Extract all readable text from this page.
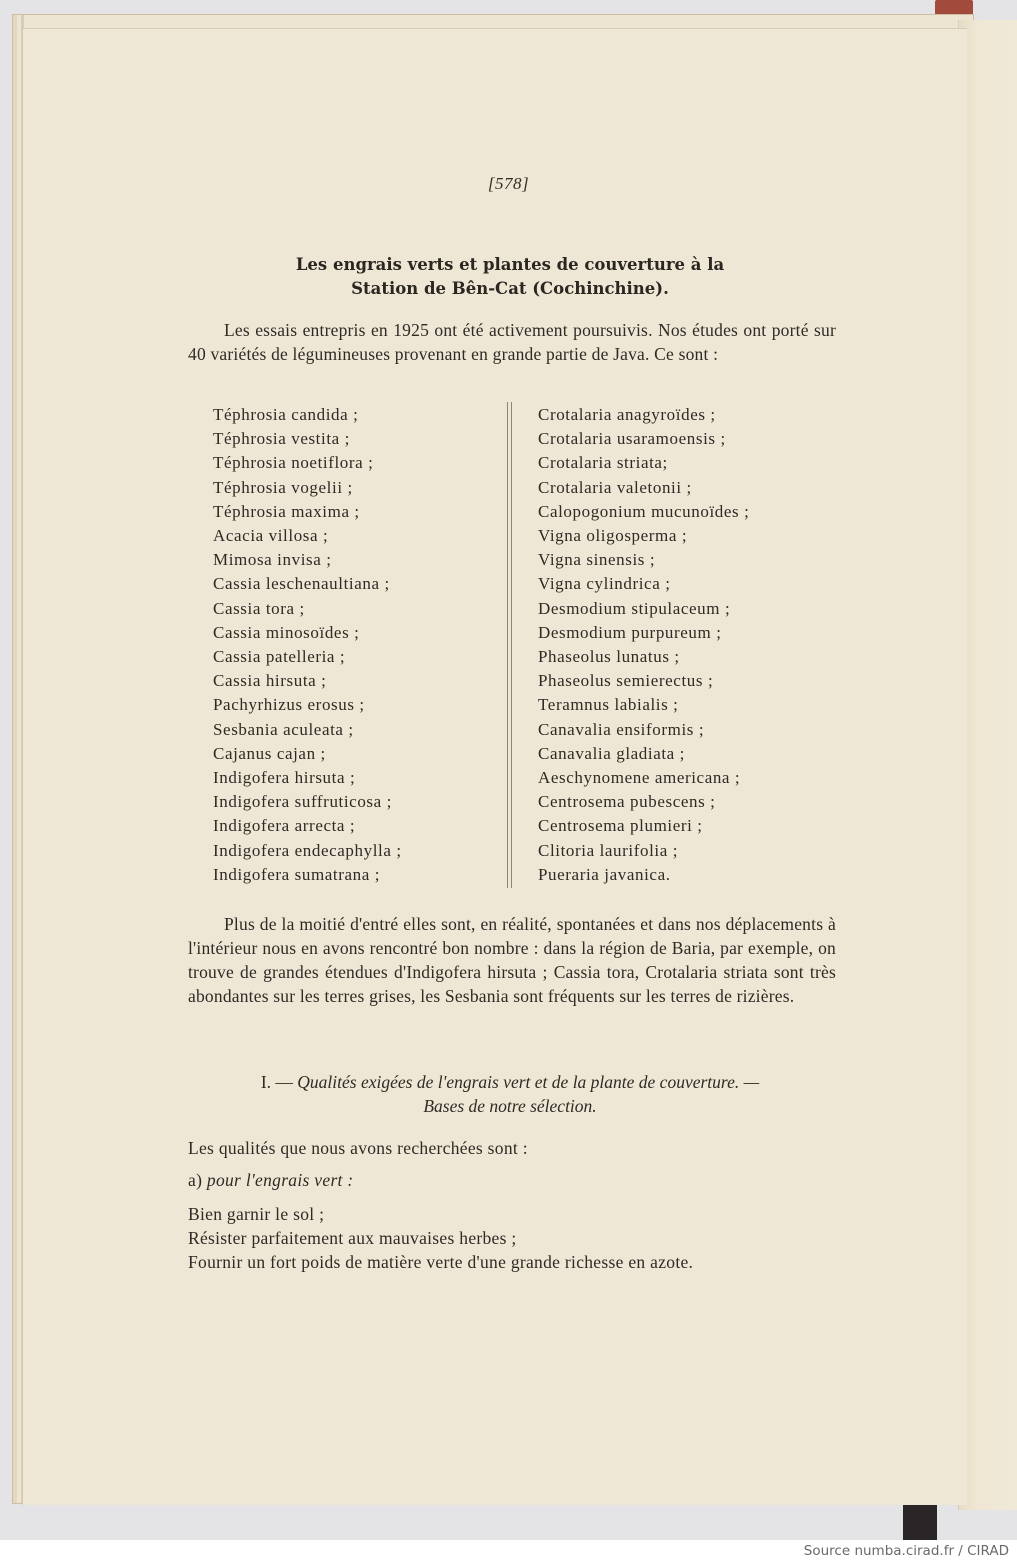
[578]
Les engrais verts et plantes de couverture à la
Station de Bên-Cat (Cochinchine).

Les essais entrepris en 1925 ont été activement poursuivis. Nos études ont porté sur 40 variétés de légumineuses provenant en grande partie de Java. Ce sont :

Téphrosia candida ;
Téphrosia vestita ;
Téphrosia noetiflora ;
Téphrosia vogelii ;
Téphrosia maxima ;
Acacia villosa ;
Mimosa invisa ;
Cassia leschenaultiana ;
Cassia tora ;
Cassia minosoïdes ;
Cassia patelleria ;
Cassia hirsuta ;
Pachyrhizus erosus ;
Sesbania aculeata ;
Cajanus cajan ;
Indigofera hirsuta ;
Indigofera suffruticosa ;
Indigofera arrecta ;
Indigofera endecaphylla ;
Indigofera sumatrana ;
Crotalaria anagyroïdes ;
Crotalaria usaramoensis ;
Crotalaria striata;
Crotalaria valetonii ;
Calopogonium mucunoïdes ;
Vigna oligosperma ;
Vigna sinensis ;
Vigna cylindrica ;
Desmodium stipulaceum ;
Desmodium purpureum ;
Phaseolus lunatus ;
Phaseolus semierectus ;
Teramnus labialis ;
Canavalia ensiformis ;
Canavalia gladiata ;
Aeschynomene americana ;
Centrosema pubescens ;
Centrosema plumieri ;
Clitoria laurifolia ;
Pueraria javanica.

Plus de la moitié d'entré elles sont, en réalité, spontanées et dans nos déplacements à l'intérieur nous en avons rencontré bon nombre : dans la région de Baria, par exemple, on trouve de grandes étendues d'Indigofera hirsuta ; Cassia tora, Crotalaria striata sont très abondantes sur les terres grises, les Sesbania sont fréquents sur les terres de rizières.

I. — Qualités exigées de l'engrais vert et de la plante de couverture. —
Bases de notre sélection.
Les qualités que nous avons recherchées sont :
a) pour l'engrais vert :
Bien garnir le sol ;
Résister parfaitement aux mauvaises herbes ;
Fournir un fort poids de matière verte d'une grande richesse en azote.
Source numba.cirad.fr / CIRAD
